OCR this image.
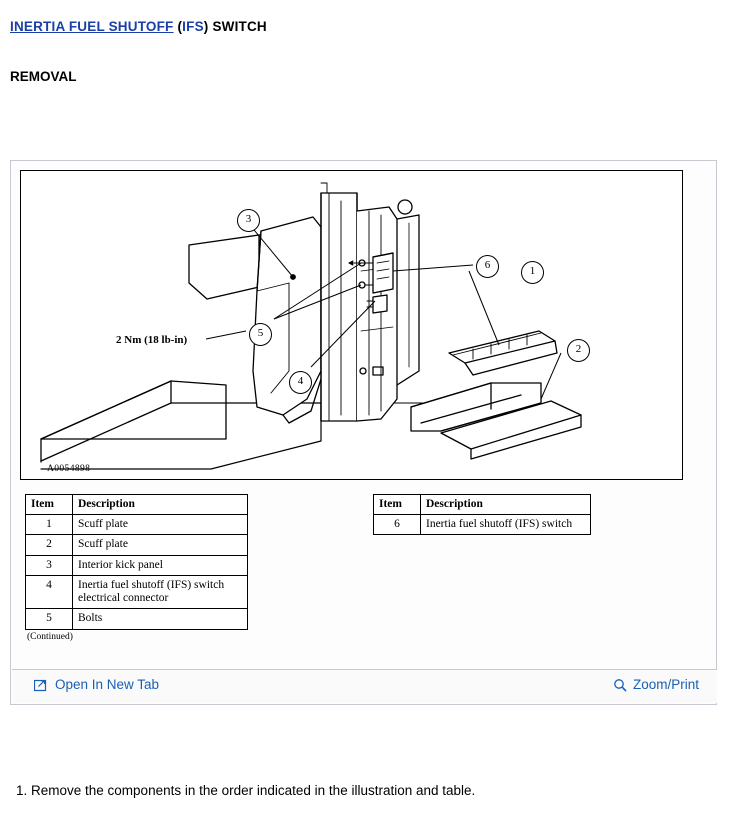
INERTIA FUEL SHUTOFF (IFS) SWITCH
REMOVAL
2 Nm (18 lb-in)
A0054898
3
6	1
2
5
4
Item	Description
1	Scuff plate
2	Scuff plate
3	Interior kick panel
4	Inertia fuel shutoff (IFS) switch electrical connector
5	Bolts
(Continued)
Item	Description
6	Inertia fuel shutoff (IFS) switch
Open In New Tab	Zoom/Print
1. Remove the components in the order indicated in the illustration and table.
